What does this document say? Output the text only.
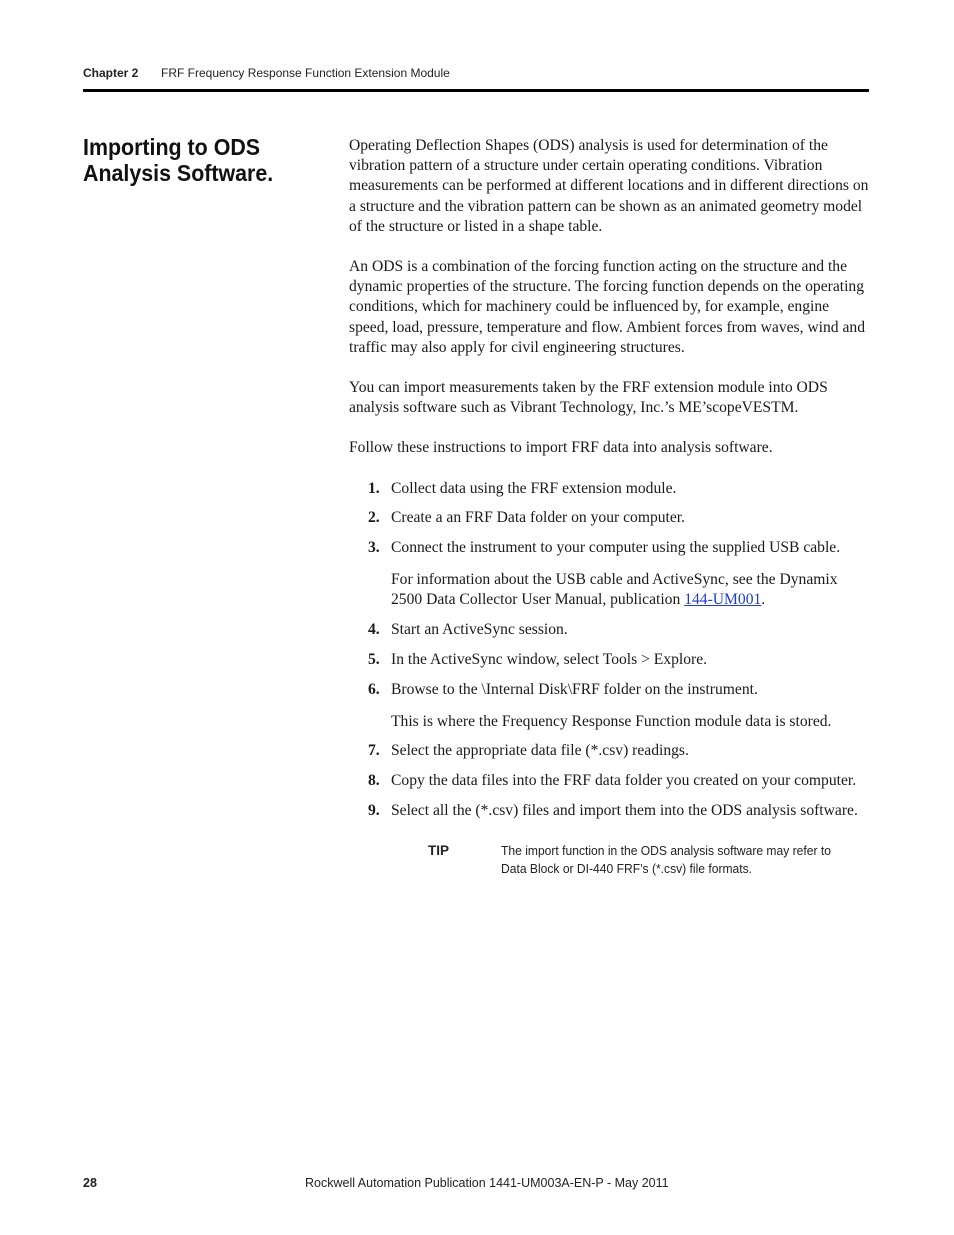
Chapter 2 FRF Frequency Response Function Extension Module
Importing to ODS Analysis Software.

Operating Deflection Shapes (ODS) analysis is used for determination of the vibration pattern of a structure under certain operating conditions. Vibration measurements can be performed at different locations and in different directions on a structure and the vibration pattern can be shown as an animated geometry model of the structure or listed in a shape table.

An ODS is a combination of the forcing function acting on the structure and the dynamic properties of the structure. The forcing function depends on the operating conditions, which for machinery could be influenced by, for example, engine speed, load, pressure, temperature and flow. Ambient forces from waves, wind and traffic may also apply for civil engineering structures.

You can import measurements taken by the FRF extension module into ODS analysis software such as Vibrant Technology, Inc.’s ME’scopeVESTM.

Follow these instructions to import FRF data into analysis software.

1. Collect data using the FRF extension module.
2. Create a an FRF Data folder on your computer.
3. Connect the instrument to your computer using the supplied USB cable.
For information about the USB cable and ActiveSync, see the Dynamix 2500 Data Collector User Manual, publication 144-UM001.
4. Start an ActiveSync session.
5. In the ActiveSync window, select Tools > Explore.
6. Browse to the \Internal Disk\FRF folder on the instrument.
This is where the Frequency Response Function module data is stored.
7. Select the appropriate data file (*.csv) readings.
8. Copy the data files into the FRF data folder you created on your computer.
9. Select all the (*.csv) files and import them into the ODS analysis software.
TIP	The import function in the ODS analysis software may refer to Data Block or DI-440 FRF’s (*.csv) file formats.
28	Rockwell Automation Publication 1441-UM003A-EN-P - May 2011
